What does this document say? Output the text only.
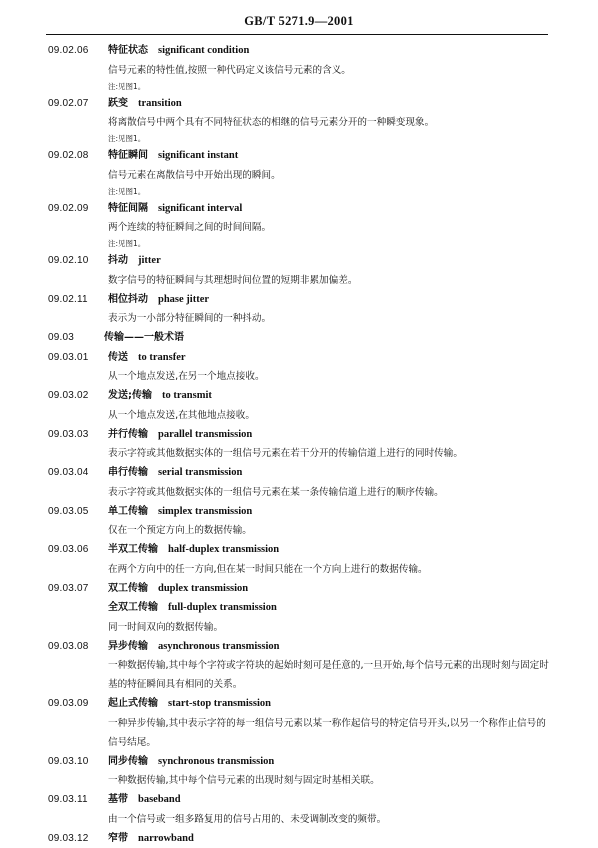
GB/T 5271.9—2001
09.02.06 特征状态 significant condition
信号元素的特性值,按照一种代码定义该信号元素的含义。
注:见图1。
09.02.07 跃变 transition
将离散信号中两个具有不同特征状态的相继的信号元素分开的一种瞬变现象。
注:见图1。
09.02.08 特征瞬间 significant instant
信号元素在离散信号中开始出现的瞬间。
注:见图1。
09.02.09 特征间隔 significant interval
两个连续的特征瞬间之间的时间间隔。
注:见图1。
09.02.10 抖动 jitter
数字信号的特征瞬间与其理想时间位置的短期非累加偏差。
09.02.11 相位抖动 phase jitter
表示为一小部分特征瞬间的一种抖动。
09.03	传输——一般术语
09.03.01 传送 to transfer
从一个地点发送,在另一个地点接收。
09.03.02 发送;传输 to transmit
从一个地点发送,在其他地点接收。
09.03.03 并行传输 parallel transmission
表示字符或其他数据实体的一组信号元素在若干分开的传输信道上进行的同时传输。
09.03.04 串行传输 serial transmission
表示字符或其他数据实体的一组信号元素在某一条传输信道上进行的顺序传输。
09.03.05 单工传输 simplex transmission
仅在一个预定方向上的数据传输。
09.03.06 半双工传输 half-duplex transmission
在两个方向中的任一方向,但在某一时间只能在一个方向上进行的数据传输。
09.03.07 双工传输 duplex transmission
全双工传输 full-duplex transmission
同一时间双向的数据传输。
09.03.08 异步传输 asynchronous transmission
一种数据传输,其中每个字符或字符块的起始时刻可是任意的,一旦开始,每个信号元素的出现时刻与固定时基的特征瞬间具有相同的关系。
09.03.09 起止式传输 start-stop transmission
一种异步传输,其中表示字符的每一组信号元素以某一称作起信号的特定信号开头,以另一个称作止信号的信号结尾。
09.03.10 同步传输 synchronous transmission
一种数据传输,其中每个信号元素的出现时刻与固定时基相关联。
09.03.11 基带 baseband
由一个信号或一组多路复用的信号占用的、未受调制改变的频带。
09.03.12 窄带 narrowband
